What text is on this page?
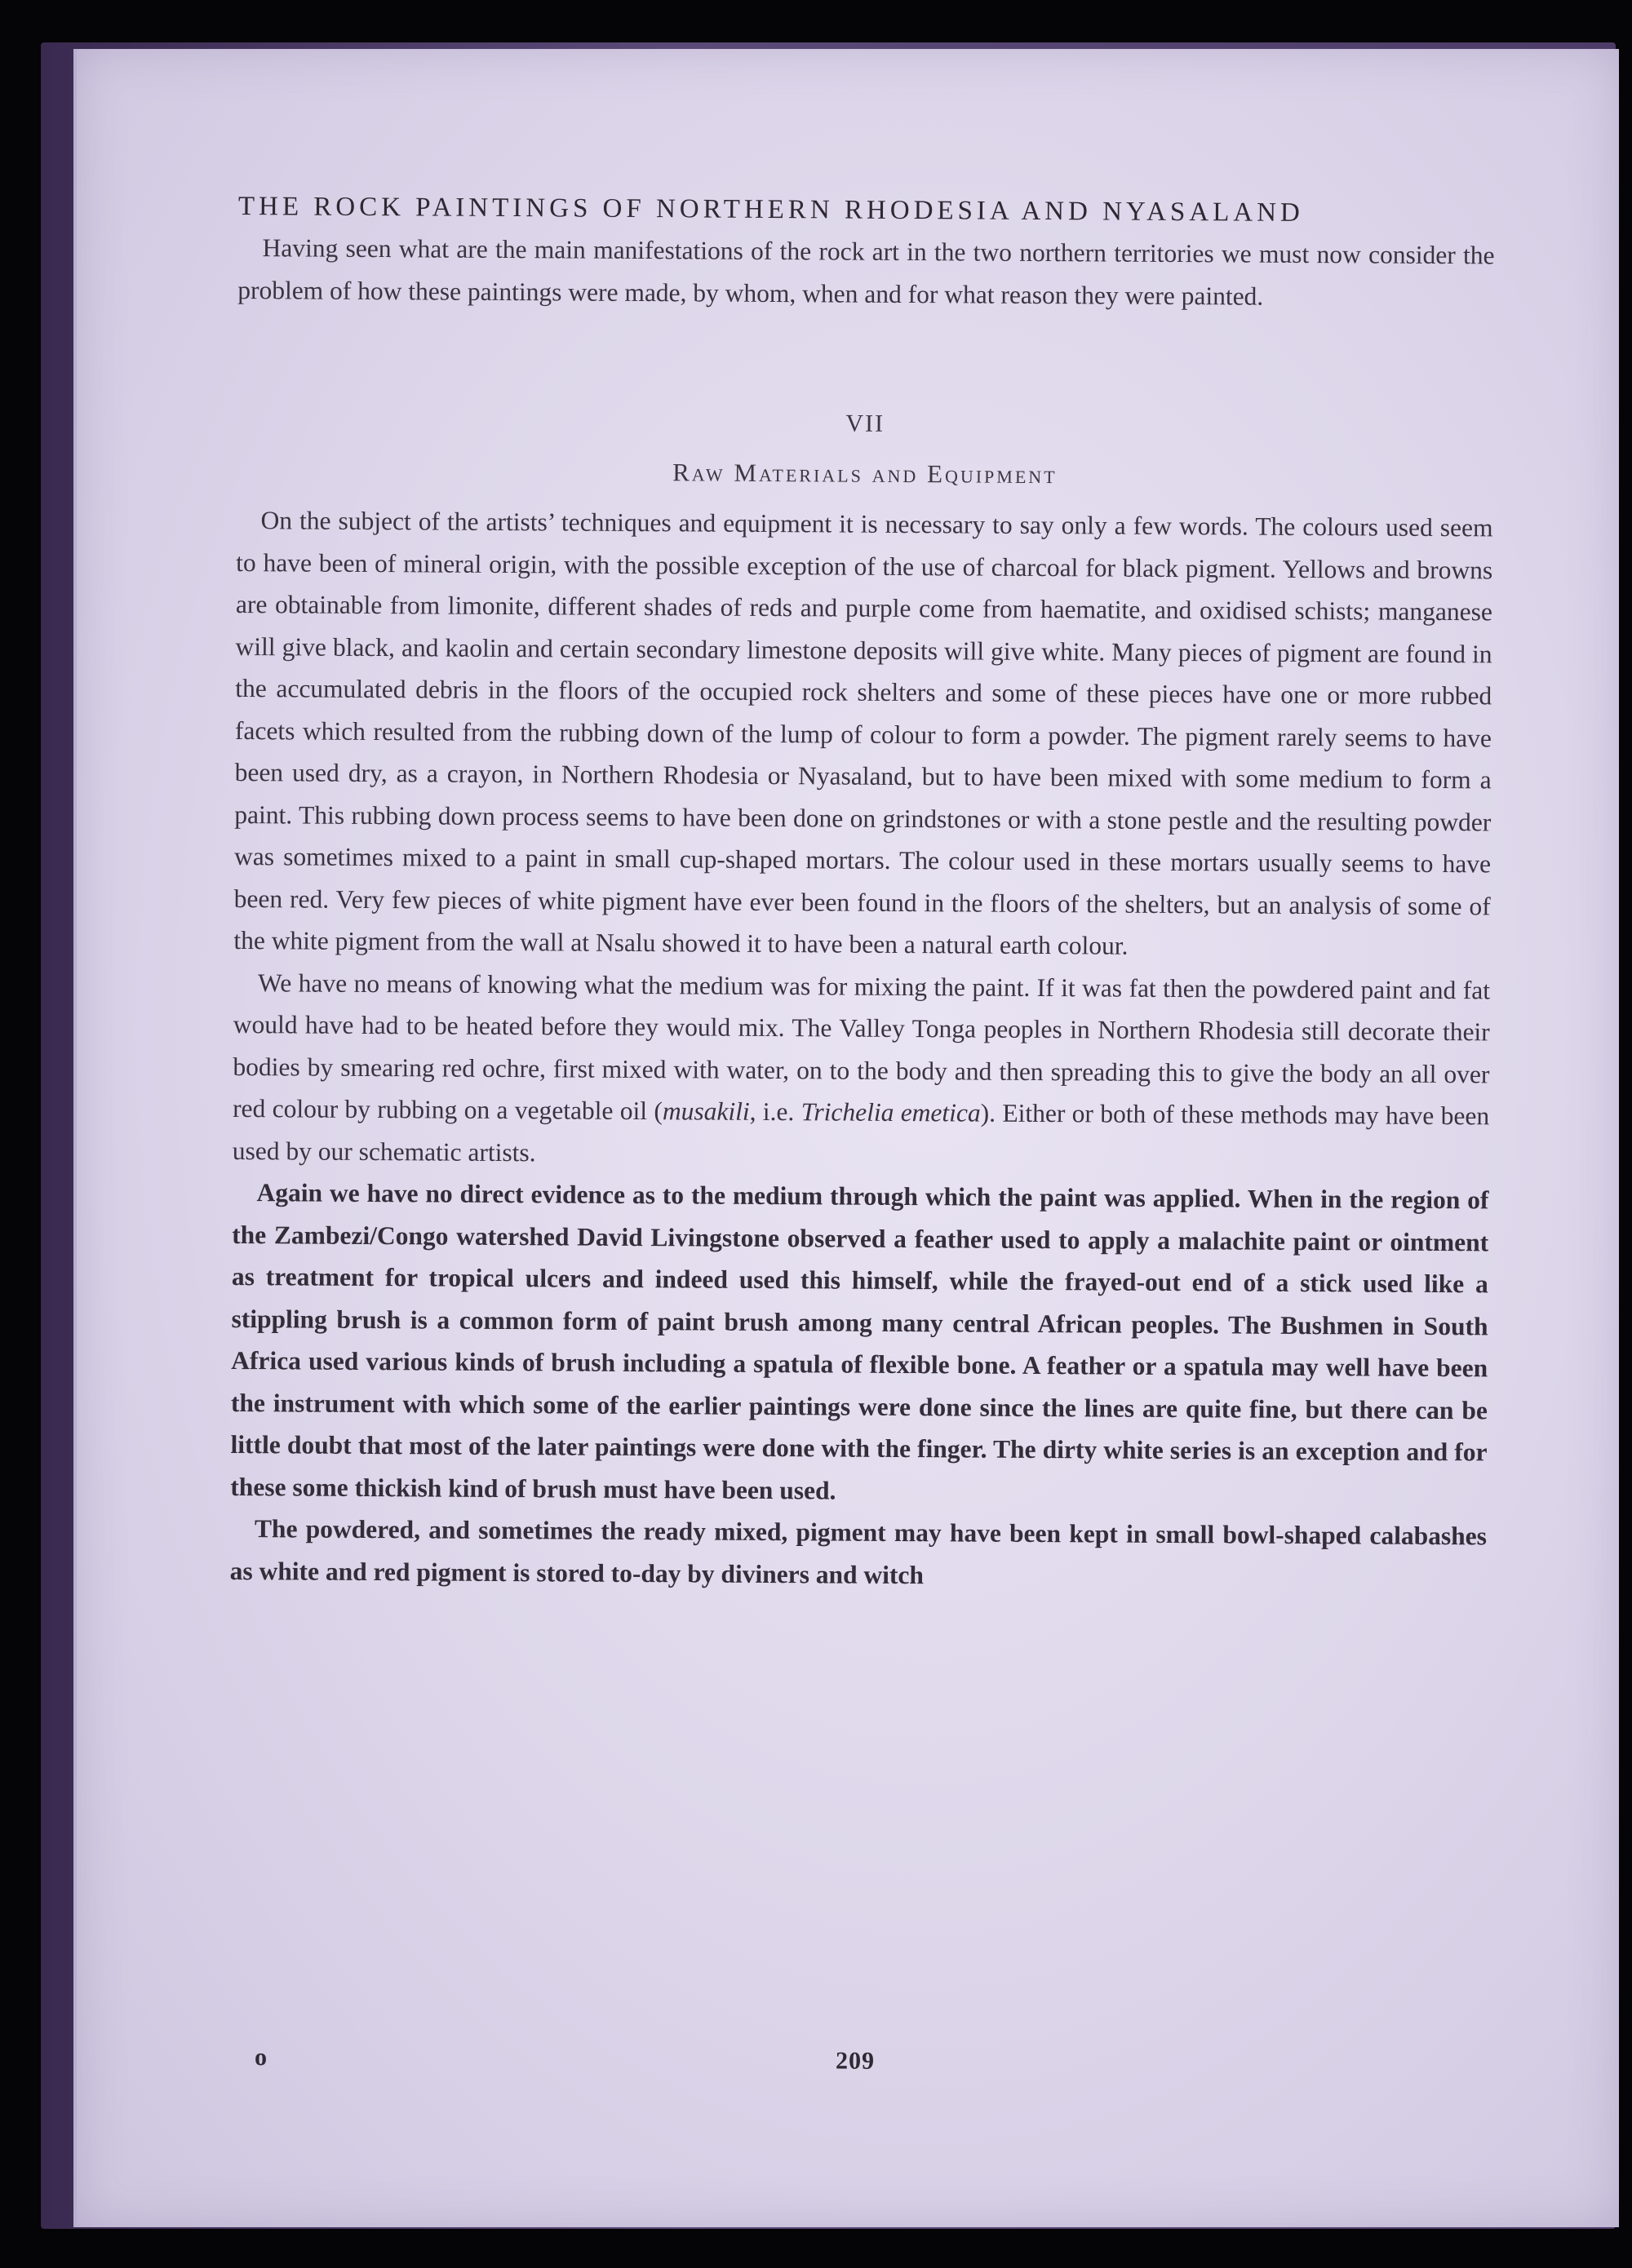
THE ROCK PAINTINGS OF NORTHERN RHODESIA AND NYASALAND

Having seen what are the main manifestations of the rock art in the two northern territories we must now consider the problem of how these paintings were made, by whom, when and for what reason they were painted.

VII
Raw Materials and Equipment

On the subject of the artists’ techniques and equipment it is necessary to say only a few words. The colours used seem to have been of mineral origin, with the possible exception of the use of charcoal for black pigment. Yellows and browns are obtainable from limonite, different shades of reds and purple come from haematite, and oxidised schists; manganese will give black, and kaolin and certain secondary limestone deposits will give white. Many pieces of pigment are found in the accumulated debris in the floors of the occupied rock shelters and some of these pieces have one or more rubbed facets which resulted from the rubbing down of the lump of colour to form a powder. The pigment rarely seems to have been used dry, as a crayon, in Northern Rhodesia or Nyasaland, but to have been mixed with some medium to form a paint. This rubbing down process seems to have been done on grindstones or with a stone pestle and the resulting powder was sometimes mixed to a paint in small cup-shaped mortars. The colour used in these mortars usually seems to have been red. Very few pieces of white pigment have ever been found in the floors of the shelters, but an analysis of some of the white pigment from the wall at Nsalu showed it to have been a natural earth colour.

We have no means of knowing what the medium was for mixing the paint. If it was fat then the powdered paint and fat would have had to be heated before they would mix. The Valley Tonga peoples in Northern Rhodesia still decorate their bodies by smearing red ochre, first mixed with water, on to the body and then spreading this to give the body an all over red colour by rubbing on a vegetable oil (musakili, i.e. Trichelia emetica). Either or both of these methods may have been used by our schematic artists.

Again we have no direct evidence as to the medium through which the paint was applied. When in the region of the Zambezi/Congo watershed David Livingstone observed a feather used to apply a malachite paint or ointment as treatment for tropical ulcers and indeed used this himself, while the frayed-out end of a stick used like a stippling brush is a common form of paint brush among many central African peoples. The Bushmen in South Africa used various kinds of brush including a spatula of flexible bone. A feather or a spatula may well have been the instrument with which some of the earlier paintings were done since the lines are quite fine, but there can be little doubt that most of the later paintings were done with the finger. The dirty white series is an exception and for these some thickish kind of brush must have been used.

The powdered, and sometimes the ready mixed, pigment may have been kept in small bowl-shaped calabashes as white and red pigment is stored to-day by diviners and witch

o	209
